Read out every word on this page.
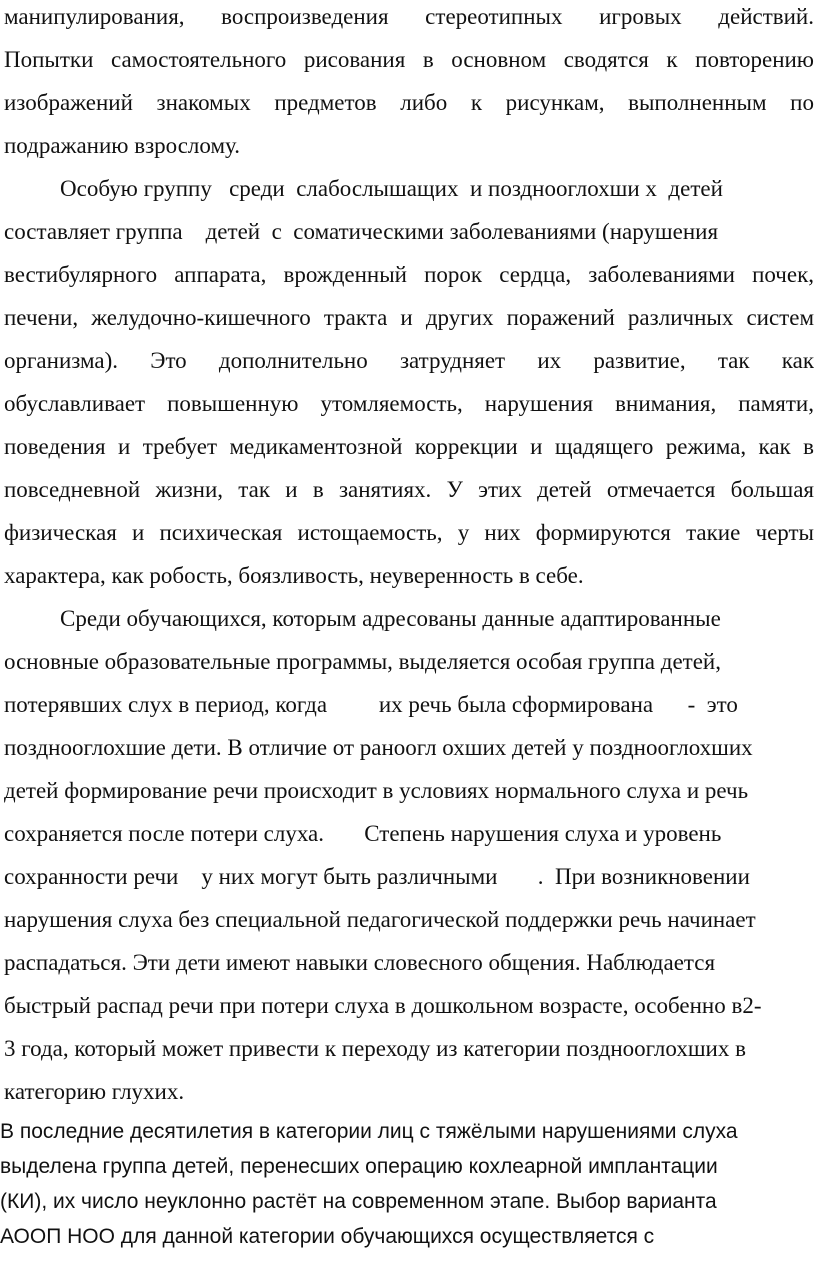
манипулирования, воспроизведения стереотипных игровых действий.
Попытки самостоятельного рисования в основном сводятся к повторению
изображений знакомых предметов либо к рисункам, выполненным по
подражанию взрослому.
Особую группу   среди  слабослышащих  и позднооглохши х  детей
составляет группа    детей  с  соматическими заболеваниями (нарушения
вестибулярного аппарата, врожденный порок сердца, заболеваниями почек,
печени, желудочно-кишечного тракта и других поражений различных систем
организма). Это дополнительно затрудняет их развитие, так как
обуславливает повышенную утомляемость, нарушения внимания, памяти,
поведения и требует медикаментозной коррекции и щадящего режима, как в
повседневной жизни, так и в занятиях. У этих детей отмечается большая
физическая и психическая истощаемость, у них формируются такие черты
характера, как робость, боязливость, неуверенность в себе.
Среди обучающихся, которым адресованы данные адаптированные
основные образовательные программы, выделяется особая группа детей,
потерявших слух в период, когда         их речь была сформирована      -  это
позднооглохшие дети. В отличие от раноогл охших детей у позднооглохших
детей формирование речи происходит в условиях нормального слуха и речь
сохраняется после потери слуха.       Степень нарушения слуха и уровень
сохранности речи    у них могут быть различными       .  При возникновении
нарушения слуха без специальной педагогической поддержки речь начинает
распадаться. Эти дети имеют навыки словесного общения. Наблюдается
быстрый распад речи при потери слуха в дошкольном возрасте, особенно в2-
3 года, который может привести к переходу из категории позднооглохших в
категорию глухих.
В последние десятилетия в категории лиц с тяжёлыми нарушениями слуха
выделена группа детей, перенесших операцию кохлеарной имплантации
(КИ), их число неуклонно растёт на современном этапе. Выбор варианта
АООП НОО для данной категории обучающихся осуществляется с
